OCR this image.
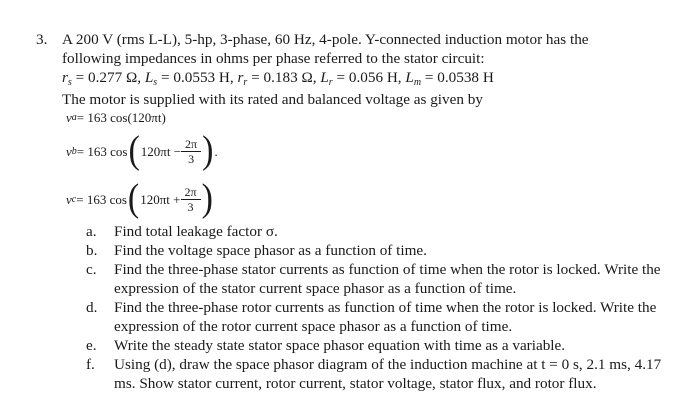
3. A 200 V (rms L-L), 5-hp, 3-phase, 60 Hz, 4-pole. Y-connected induction motor has the
following impedances in ohms per phase referred to the stator circuit:
$r_s = 0.277$ Ω, $L_s = 0.0553$ H, $r_r = 0.183$ Ω, $L_r = 0.056$ H, $L_m = 0.0538$ H
The motor is supplied with its rated and balanced voltage as given by
v a = 163 cos(120πt)
v b = 163 cos ( $120\pi t - \frac{2\pi}{3}$ ) .
v c = 163 cos ( $120\pi t + \frac{2\pi}{3}$ )
a.	Find total leakage factor σ.
b.	Find the voltage space phasor as a function of time.
c.	Find the three-phase stator currents as function of time when the rotor is locked. Write the expression of the stator current space phasor as a function of time.
d.	Find the three-phase rotor currents as function of time when the rotor is locked. Write the expression of the rotor current space phasor as a function of time.
e.	Write the steady state stator space phasor equation with time as a variable.
f.	Using (d), draw the space phasor diagram of the induction machine at t = 0 s, 2.1 ms, 4.17 ms. Show stator current, rotor current, stator voltage, stator flux, and rotor flux.
